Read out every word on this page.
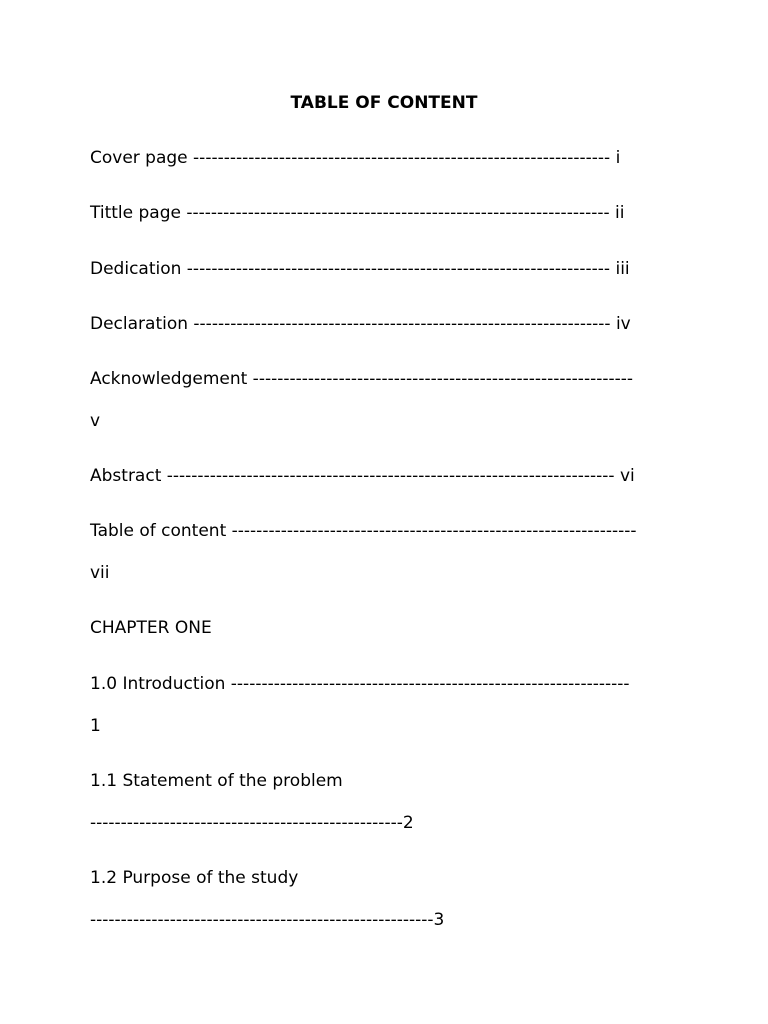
TABLE OF CONTENT
Cover page -------------------------------------------------------------------- i
Tittle page --------------------------------------------------------------------- ii
Dedication --------------------------------------------------------------------- iii
Declaration -------------------------------------------------------------------- iv
Acknowledgement --------------------------------------------------------------
v
Abstract ------------------------------------------------------------------------- vi
Table of content ------------------------------------------------------------------
vii
CHAPTER ONE
1.0 Introduction -----------------------------------------------------------------
1
1.1 Statement of the problem
---------------------------------------------------2
1.2 Purpose of the study
--------------------------------------------------------3
